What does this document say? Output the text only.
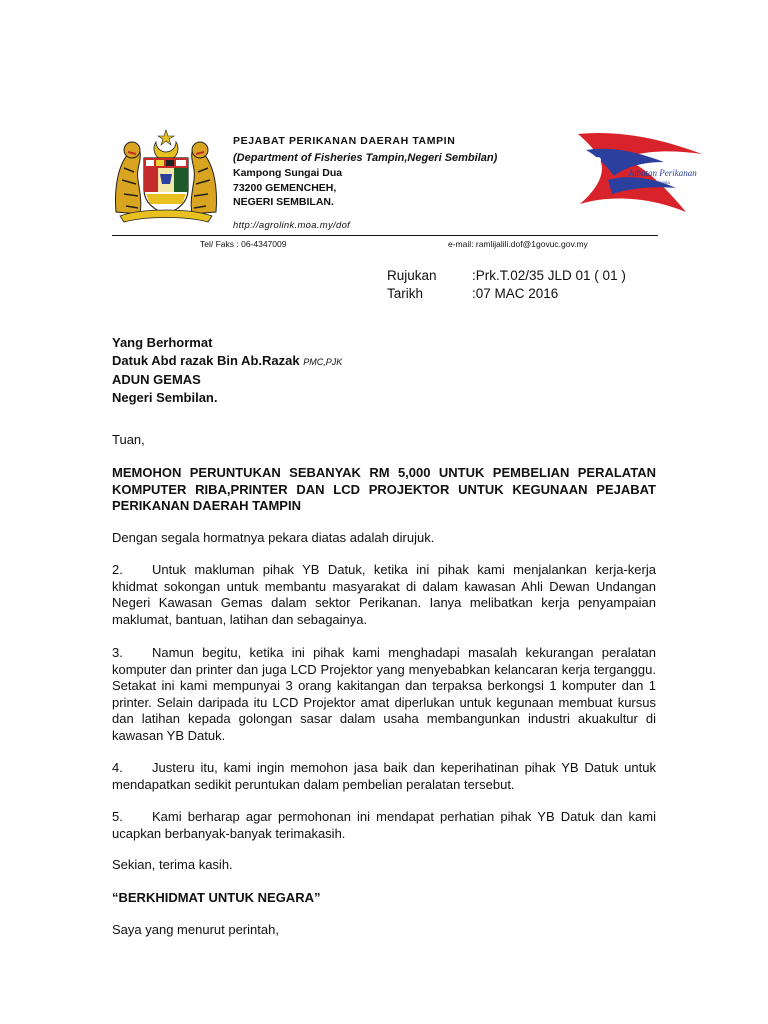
Jabatan Perikanan
Malaysia
PEJABAT PERIKANAN DAERAH TAMPIN
(Department of Fisheries Tampin,Negeri Sembilan)
Kampong Sungai Dua
73200 GEMENCHEH,
NEGERI SEMBILAN.
http://agrolink.moa.my/dof
Tel/ Faks : 06-4347009	e-mail: ramlijalili.dof@1govuc.gov.my
Rujukan	:Prk.T.02/35 JLD 01 ( 01 )
Tarikh	:07 MAC 2016
Yang Berhormat
Datuk Abd razak Bin Ab.Razak PMC,PJK
ADUN GEMAS
Negeri Sembilan.
Tuan,
MEMOHON PERUNTUKAN SEBANYAK RM 5,000 UNTUK PEMBELIAN PERALATAN KOMPUTER RIBA,PRINTER DAN LCD PROJEKTOR UNTUK KEGUNAAN PEJABAT PERIKANAN DAERAH TAMPIN
Dengan segala hormatnya pekara diatas adalah dirujuk.
2. Untuk makluman pihak YB Datuk, ketika ini pihak kami menjalankan kerja-kerja khidmat sokongan untuk membantu masyarakat di dalam kawasan Ahli Dewan Undangan Negeri Kawasan Gemas dalam sektor Perikanan. Ianya melibatkan kerja penyampaian maklumat, bantuan, latihan dan sebagainya.
3. Namun begitu, ketika ini pihak kami menghadapi masalah kekurangan peralatan komputer dan printer dan juga LCD Projektor yang menyebabkan kelancaran kerja terganggu. Setakat ini kami mempunyai 3 orang kakitangan dan terpaksa berkongsi 1 komputer dan 1 printer. Selain daripada itu LCD Projektor amat diperlukan untuk kegunaan membuat kursus dan latihan kepada golongan sasar dalam usaha membangunkan industri akuakultur di kawasan YB Datuk.
4. Justeru itu, kami ingin memohon jasa baik dan keperihatinan pihak YB Datuk untuk mendapatkan sedikit peruntukan dalam pembelian peralatan tersebut.
5. Kami berharap agar permohonan ini mendapat perhatian pihak YB Datuk dan kami ucapkan berbanyak-banyak terimakasih.
Sekian, terima kasih.
“BERKHIDMAT UNTUK NEGARA”
Saya yang menurut perintah,
